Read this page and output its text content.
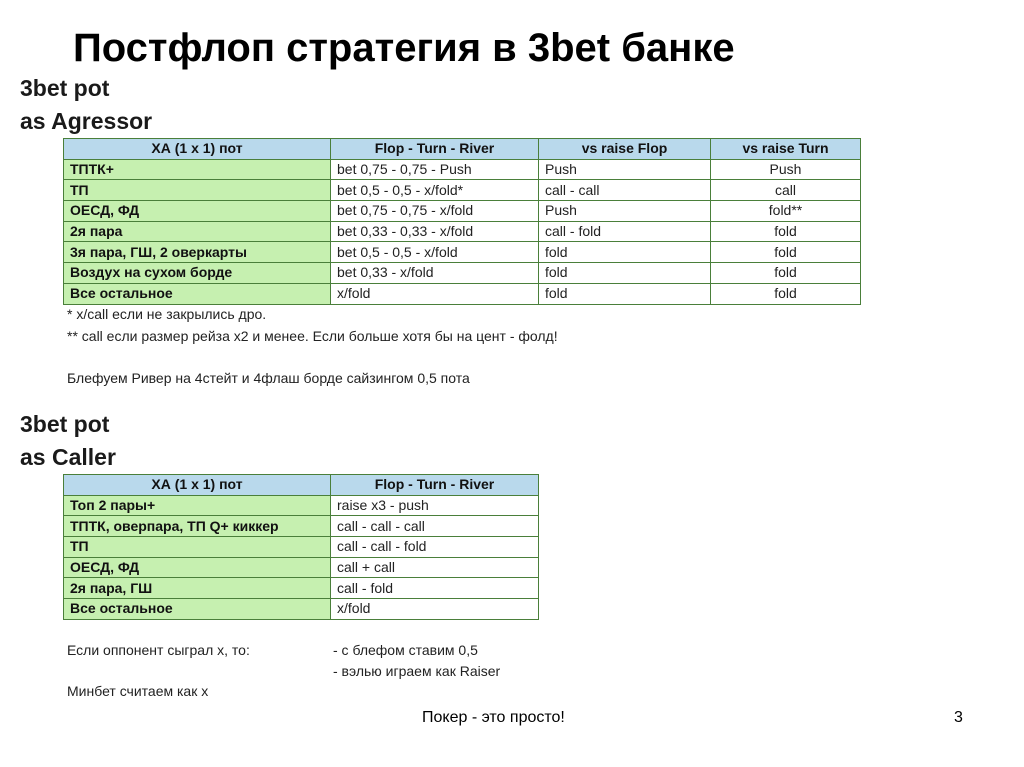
Постфлоп стратегия в 3bet банке
3bet pot
as Agressor
ХА (1 х 1) пот	Flop - Turn - River	vs raise Flop	vs raise Turn
ТПТК+	bet 0,75 - 0,75 - Push	Push	Push
ТП	bet 0,5 - 0,5 - x/fold*	call - call	call
ОЕСД, ФД	bet 0,75 - 0,75 - x/fold	Push	fold**
2я пара	bet 0,33 - 0,33 - x/fold	call - fold	fold
3я пара, ГШ, 2 оверкарты	bet 0,5 - 0,5 - x/fold	fold	fold
Воздух на сухом борде	bet 0,33 - x/fold	fold	fold
Все остальное	x/fold	fold	fold

* x/call если не закрылись дро.

** call если размер рейза x2 и менее. Если больше хотя бы на цент - фолд!

Блефуем Ривер на 4стейт и 4флаш борде сайзингом 0,5 пота

3bet pot
as Caller
ХА (1 х 1) пот	Flop - Turn - River
Топ 2 пары+	raise x3 - push
ТПТК, оверпара, ТП Q+ киккер	call - call - call
ТП	call - call - fold
ОЕСД, ФД	call + call
2я пара, ГШ	call - fold
Все остальное	x/fold

Если оппонент сыграл х, то:	- с блефом ставим 0,5

- вэлью играем как Raiser

Минбет считаем как х

Покер - это просто!	3
